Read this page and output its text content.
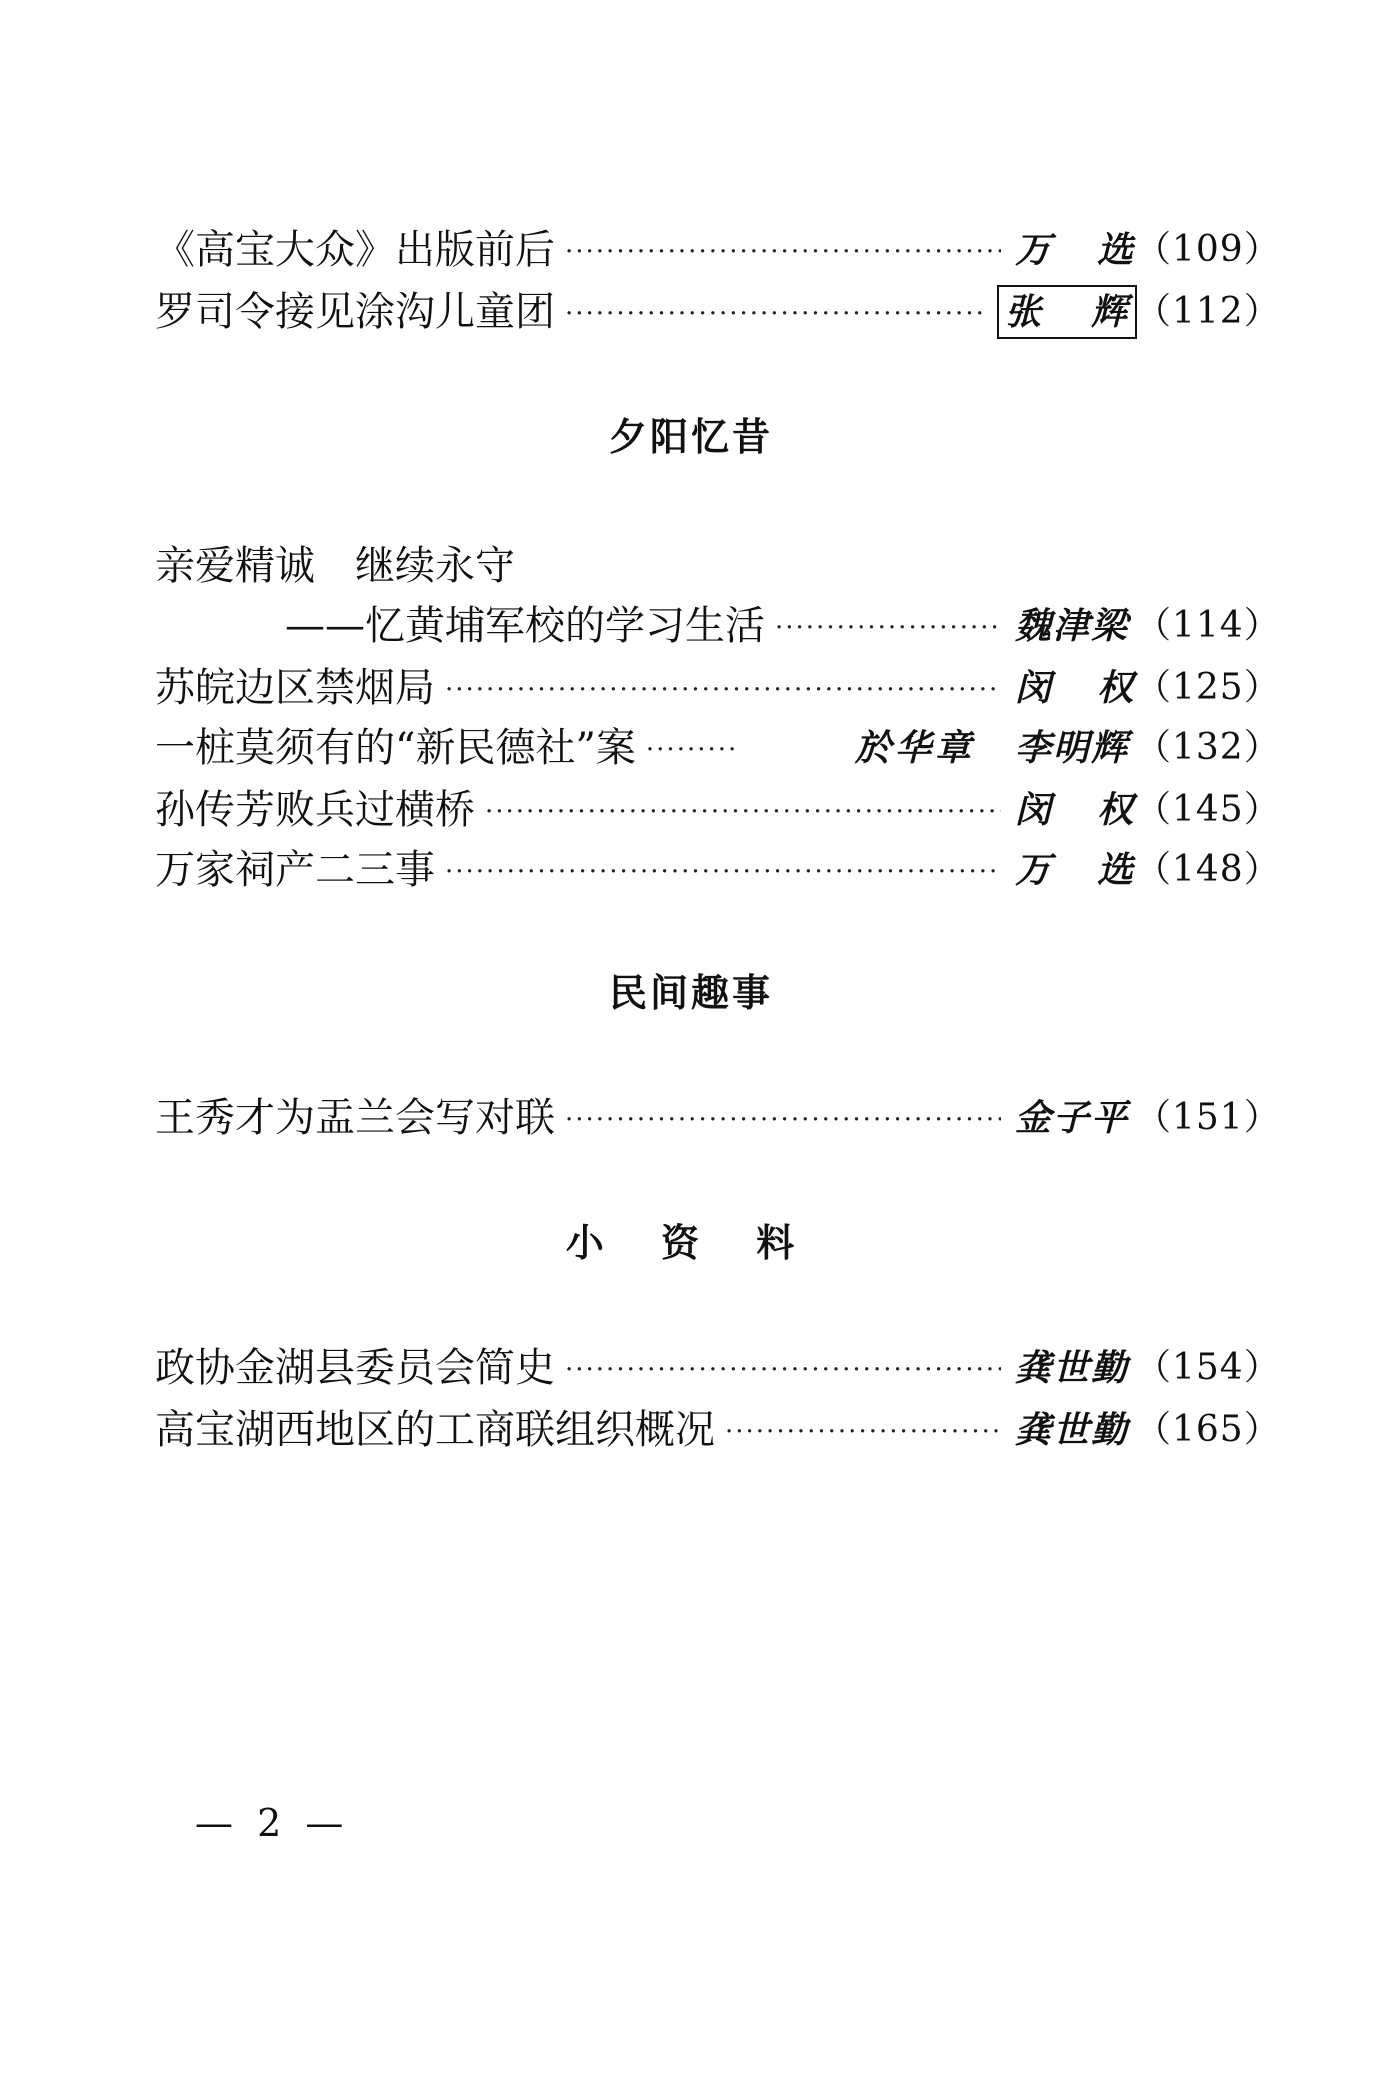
《高宝大众》出版前后 ·····	万 选 （109）
罗司令接见涂沟儿童团 ·····	张 辉 （112）
夕阳忆昔
亲爱精诚　继续永守
——忆黄埔军校的学习生活 ·····	魏津梁 （114）
苏皖边区禁烟局 ·····	闵 权 （125）
一桩莫须有的“新民德社”案 ·····	於华章 李明辉 （132）
孙传芳败兵过横桥 ·····	闵 权 （145）
万家祠产二三事 ·····	万 选 （148）
民间趣事
王秀才为盂兰会写对联 ·····	金子平 （151）
小 资 料
政协金湖县委员会简史 ·····	龚世勤 （154）
高宝湖西地区的工商联组织概况 ·····	龚世勤 （165）
— 2 —
